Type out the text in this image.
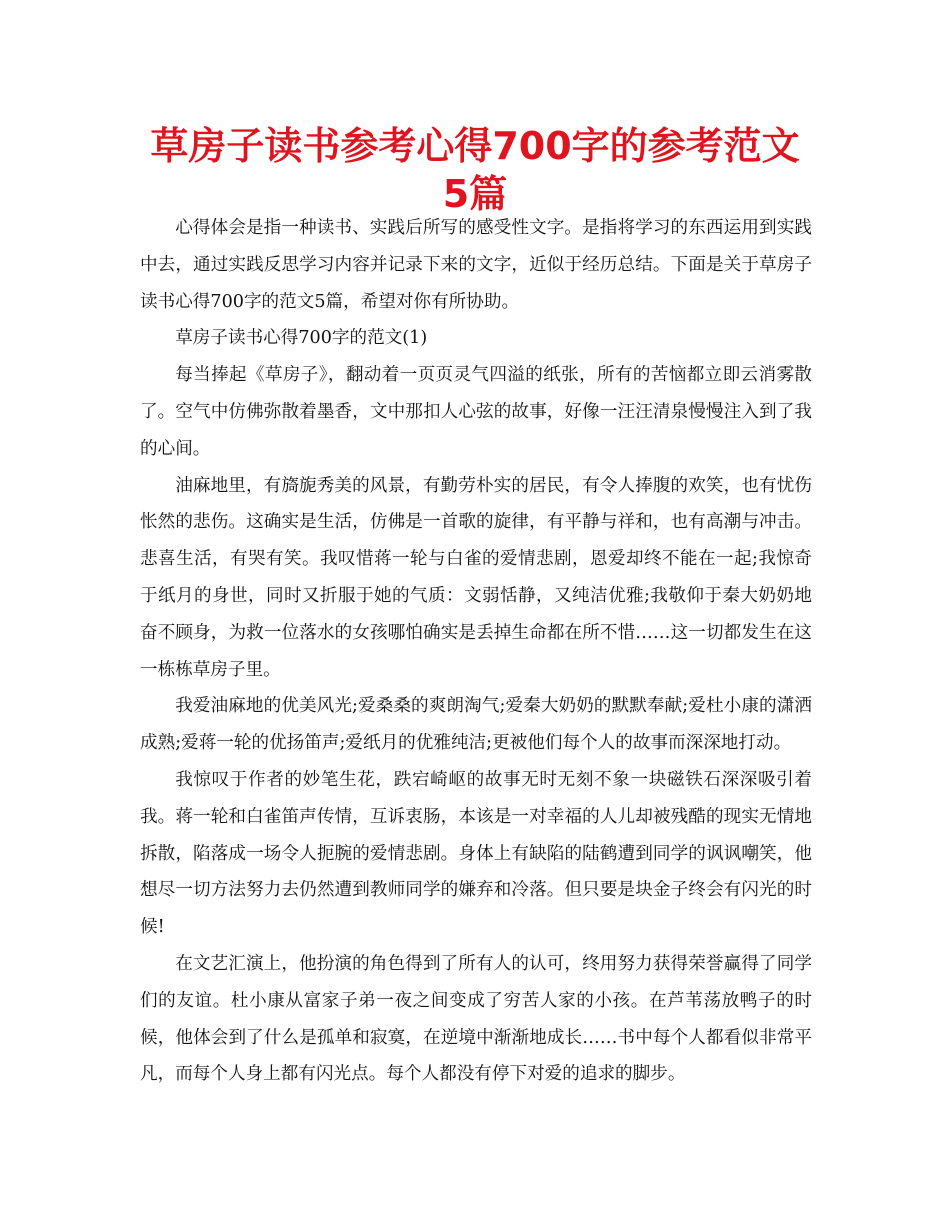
草房子读书参考心得700字的参考范文5篇

心得体会是指一种读书、实践后所写的感受性文字。是指将学习的东西运用到实践中去，通过实践反思学习内容并记录下来的文字，近似于经历总结。下面是关于草房子读书心得700字的范文5篇，希望对你有所协助。

草房子读书心得700字的范文(1)

每当捧起《草房子》，翻动着一页页灵气四溢的纸张，所有的苦恼都立即云消雾散了。空气中仿佛弥散着墨香，文中那扣人心弦的故事，好像一汪汪清泉慢慢注入到了我的心间。

油麻地里，有旖旎秀美的风景，有勤劳朴实的居民，有令人捧腹的欢笑，也有忧伤怅然的悲伤。这确实是生活，仿佛是一首歌的旋律，有平静与祥和，也有高潮与冲击。悲喜生活，有哭有笑。我叹惜蒋一轮与白雀的爱情悲剧，恩爱却终不能在一起;我惊奇于纸月的身世，同时又折服于她的气质：文弱恬静，又纯洁优雅;我敬仰于秦大奶奶地奋不顾身，为救一位落水的女孩哪怕确实是丢掉生命都在所不惜……这一切都发生在这一栋栋草房子里。

我爱油麻地的优美风光;爱桑桑的爽朗淘气;爱秦大奶奶的默默奉献;爱杜小康的潇洒成熟;爱蒋一轮的优扬笛声;爱纸月的优雅纯洁;更被他们每个人的故事而深深地打动。

我惊叹于作者的妙笔生花，跌宕崎岖的故事无时无刻不象一块磁铁石深深吸引着我。蒋一轮和白雀笛声传情，互诉衷肠，本该是一对幸福的人儿却被残酷的现实无情地拆散，陷落成一场令人扼腕的爱情悲剧。身体上有缺陷的陆鹤遭到同学的讽讽嘲笑，他想尽一切方法努力去仍然遭到教师同学的嫌弃和冷落。但只要是块金子终会有闪光的时候!

在文艺汇演上，他扮演的角色得到了所有人的认可，终用努力获得荣誉赢得了同学们的友谊。杜小康从富家子弟一夜之间变成了穷苦人家的小孩。在芦苇荡放鸭子的时候，他体会到了什么是孤单和寂寞，在逆境中渐渐地成长……书中每个人都看似非常平凡，而每个人身上都有闪光点。每个人都没有停下对爱的追求的脚步。
